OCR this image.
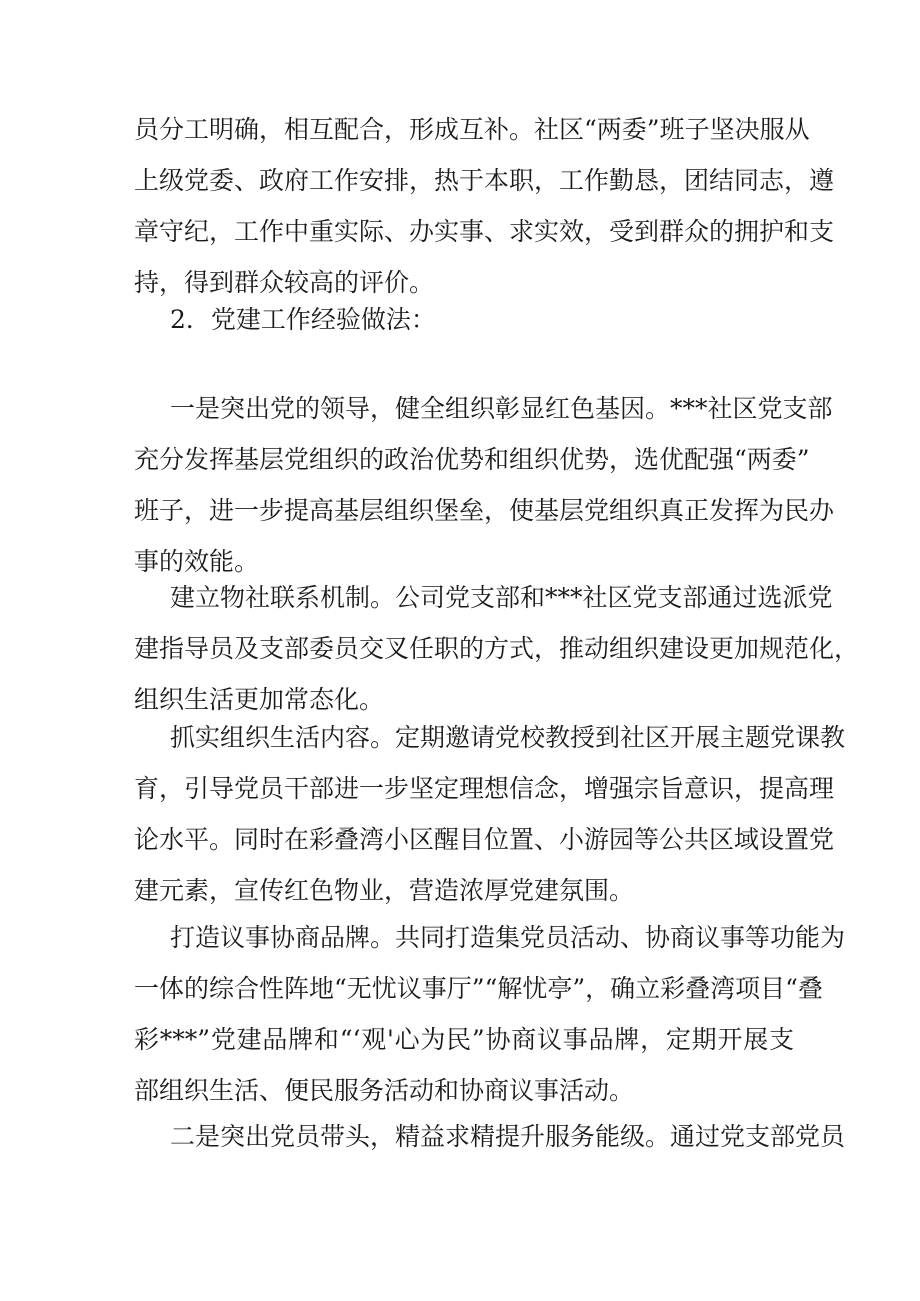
员分工明确，相互配合，形成互补。社区“两委”班子坚决服从
上级党委、政府工作安排，热于本职，工作勤恳，团结同志，遵
章守纪，工作中重实际、办实事、求实效，受到群众的拥护和支
持，得到群众较高的评价。
2．党建工作经验做法：
一是突出党的领导，健全组织彰显红色基因。***社区党支部
充分发挥基层党组织的政治优势和组织优势，选优配强“两委”
班子，进一步提高基层组织堡垒，使基层党组织真正发挥为民办
事的效能。
建立物社联系机制。公司党支部和***社区党支部通过选派党
建指导员及支部委员交叉任职的方式，推动组织建设更加规范化，
组织生活更加常态化。
抓实组织生活内容。定期邀请党校教授到社区开展主题党课教
育，引导党员干部进一步坚定理想信念，增强宗旨意识，提高理
论水平。同时在彩叠湾小区醒目位置、小游园等公共区域设置党
建元素，宣传红色物业，营造浓厚党建氛围。
打造议事协商品牌。共同打造集党员活动、协商议事等功能为
一体的综合性阵地“无忧议事厅”“解忧亭”，确立彩叠湾项目“叠
彩***”党建品牌和“‘观'心为民”协商议事品牌，定期开展支
部组织生活、便民服务活动和协商议事活动。
二是突出党员带头，精益求精提升服务能级。通过党支部党员
